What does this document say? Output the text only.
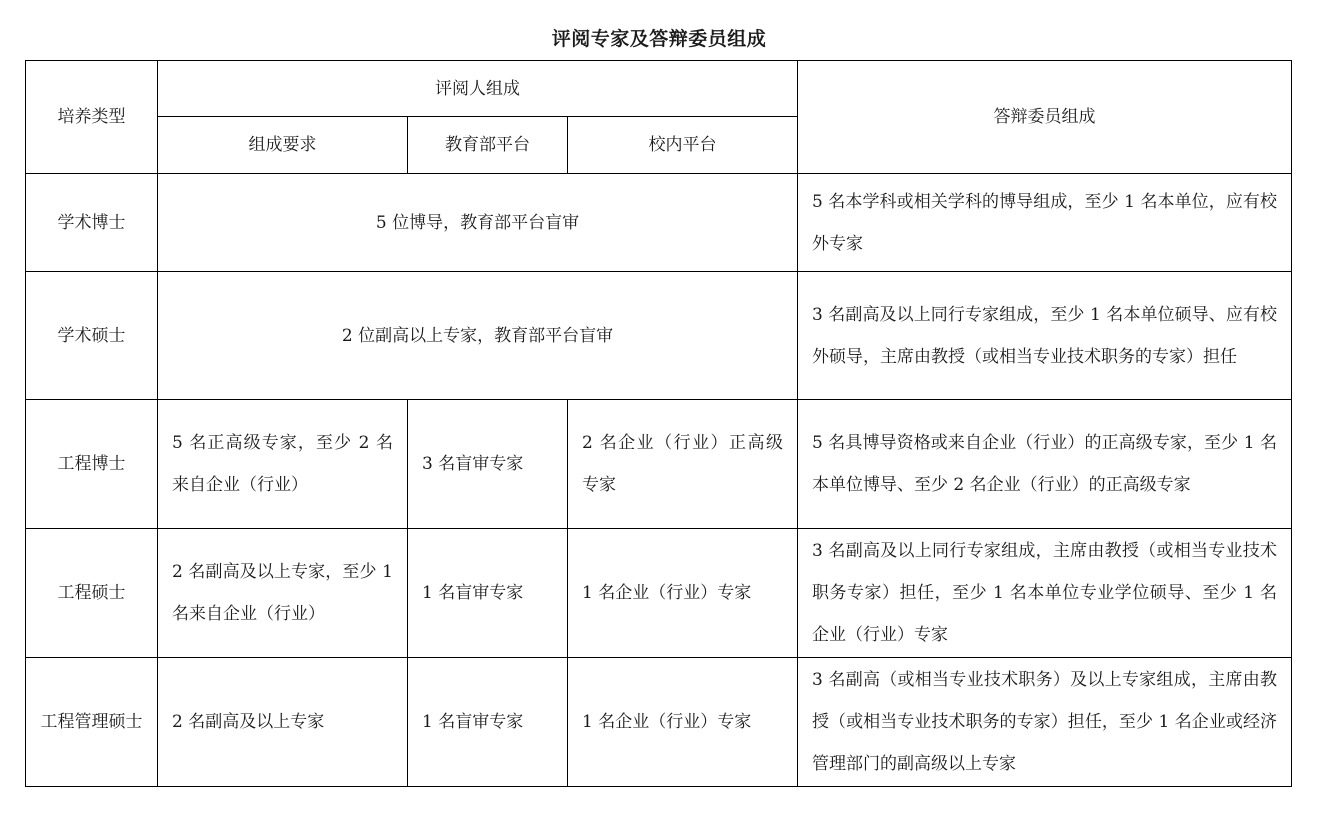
评阅专家及答辩委员组成
培养类型	评阅人组成			答辩委员组成
	组成要求	教育部平台	校内平台	
学术博士	5 位博导，教育部平台盲审			5 名本学科或相关学科的博导组成，至少 1 名本单位，应有校外专家
学术硕士	2 位副高以上专家，教育部平台盲审			3 名副高及以上同行专家组成，至少 1 名本单位硕导、应有校外硕导，主席由教授（或相当专业技术职务的专家）担任
工程博士	5 名正高级专家，至少 2 名来自企业（行业）	3 名盲审专家	2 名企业（行业）正高级专家	5 名具博导资格或来自企业（行业）的正高级专家，至少 1 名本单位博导、至少 2 名企业（行业）的正高级专家
工程硕士	2 名副高及以上专家，至少 1 名来自企业（行业）	1 名盲审专家	1 名企业（行业）专家	3 名副高及以上同行专家组成，主席由教授（或相当专业技术职务专家）担任，至少 1 名本单位专业学位硕导、至少 1 名企业（行业）专家
工程管理硕士	2 名副高及以上专家	1 名盲审专家	1 名企业（行业）专家	3 名副高（或相当专业技术职务）及以上专家组成，主席由教授（或相当专业技术职务的专家）担任，至少 1 名企业或经济管理部门的副高级以上专家
